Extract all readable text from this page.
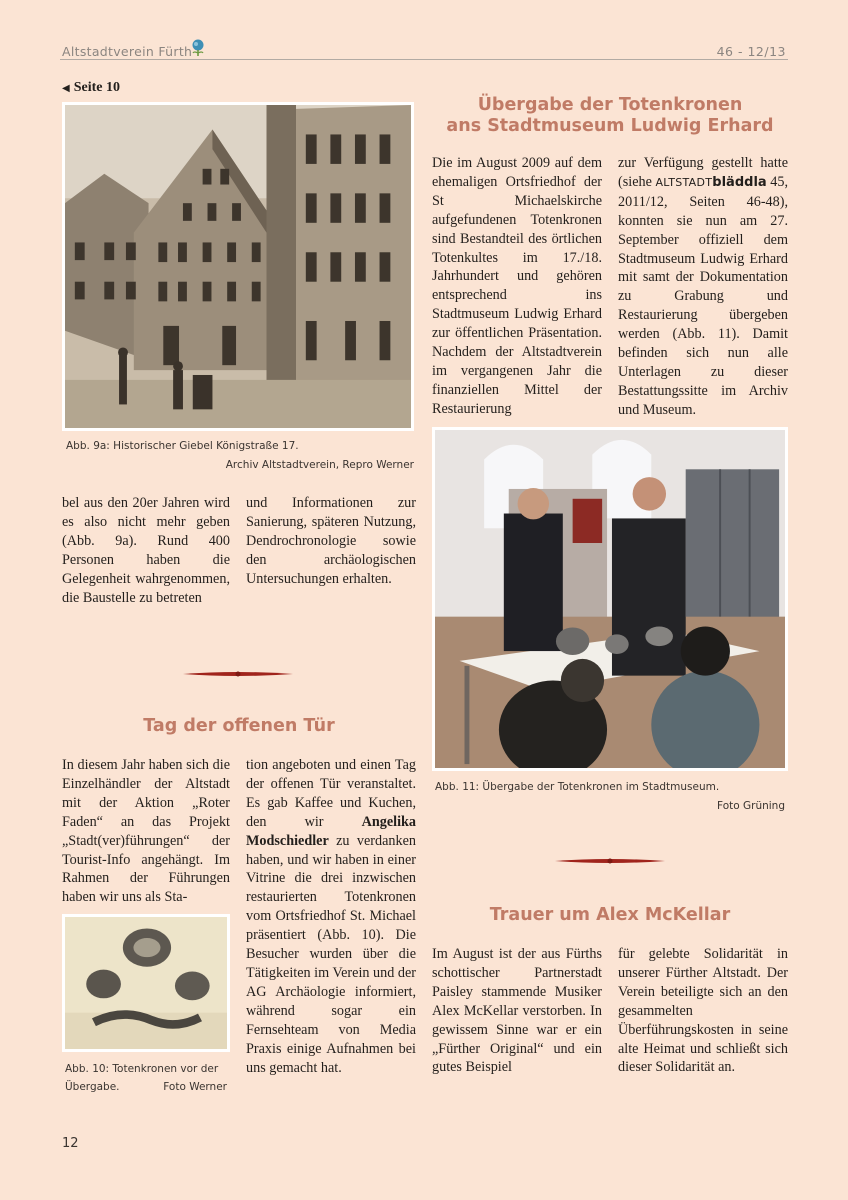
Altstadtverein Fürth	46 - 12/13
◀ Seite 10
Abb. 9a: Historischer Giebel Königstraße 17.
Archiv Altstadtverein, Repro Werner
bel aus den 20er Jahren wird es also nicht mehr geben (Abb. 9a). Rund 400 Personen haben die Gelegenheit wahrgenommen, die Baustelle zu betreten
und Informationen zur Sanierung, späteren Nutzung, Dendrochronologie sowie den archäologischen Untersuchungen erhalten.
Übergabe der Totenkronen
ans Stadtmuseum Ludwig Erhard
Die im August 2009 auf dem ehemaligen Ortsfriedhof der St Michaelskirche aufgefundenen Totenkronen sind Bestandteil des örtlichen Totenkultes im 17./18. Jahrhundert und gehören entsprechend ins Stadtmuseum Ludwig Erhard zur öffentlichen Präsentation. Nachdem der Altstadtverein im vergangenen Jahr die finanziellen Mittel der Restaurierung
zur Verfügung gestellt hatte (siehe ALTSTADTbläddla 45, 2011/12, Seiten 46-48), konnten sie nun am 27. September offiziell dem Stadtmuseum Ludwig Erhard mit samt der Dokumentation zu Grabung und Restaurierung übergeben werden (Abb. 11). Damit befinden sich nun alle Unterlagen zu dieser Bestattungssitte im Archiv und Museum.
Abb. 11: Übergabe der Totenkronen im Stadtmuseum.
Foto Grüning
Tag der offenen Tür
In diesem Jahr haben sich die Einzelhändler der Altstadt mit der Aktion „Roter Faden“ an das Projekt „Stadt(ver)führungen“ der Tourist-Info angehängt. Im Rahmen der Führungen haben wir uns als Sta-
tion angeboten und einen Tag der offenen Tür veranstaltet. Es gab Kaffee und Kuchen, den wir Angelika Modschiedler zu verdanken haben, und wir haben in einer Vitrine die drei inzwischen restaurierten Totenkronen vom Ortsfriedhof St. Michael präsentiert (Abb. 10). Die Besucher wurden über die Tätigkeiten im Verein und der AG Archäologie informiert, während sogar ein Fernsehteam von Media Praxis einige Aufnahmen bei uns gemacht hat.
Abb. 10: Totenkronen vor der
Übergabe.	Foto Werner
Trauer um Alex McKellar
Im August ist der aus Fürths schottischer Partnerstadt Paisley stammende Musiker Alex McKellar verstorben. In gewissem Sinne war er ein „Fürther Original“ und ein gutes Beispiel
für gelebte Solidarität in unserer Fürther Altstadt. Der Verein beteiligte sich an den gesammelten Überführungskosten in seine alte Heimat und schließt sich dieser Solidarität an.
12
